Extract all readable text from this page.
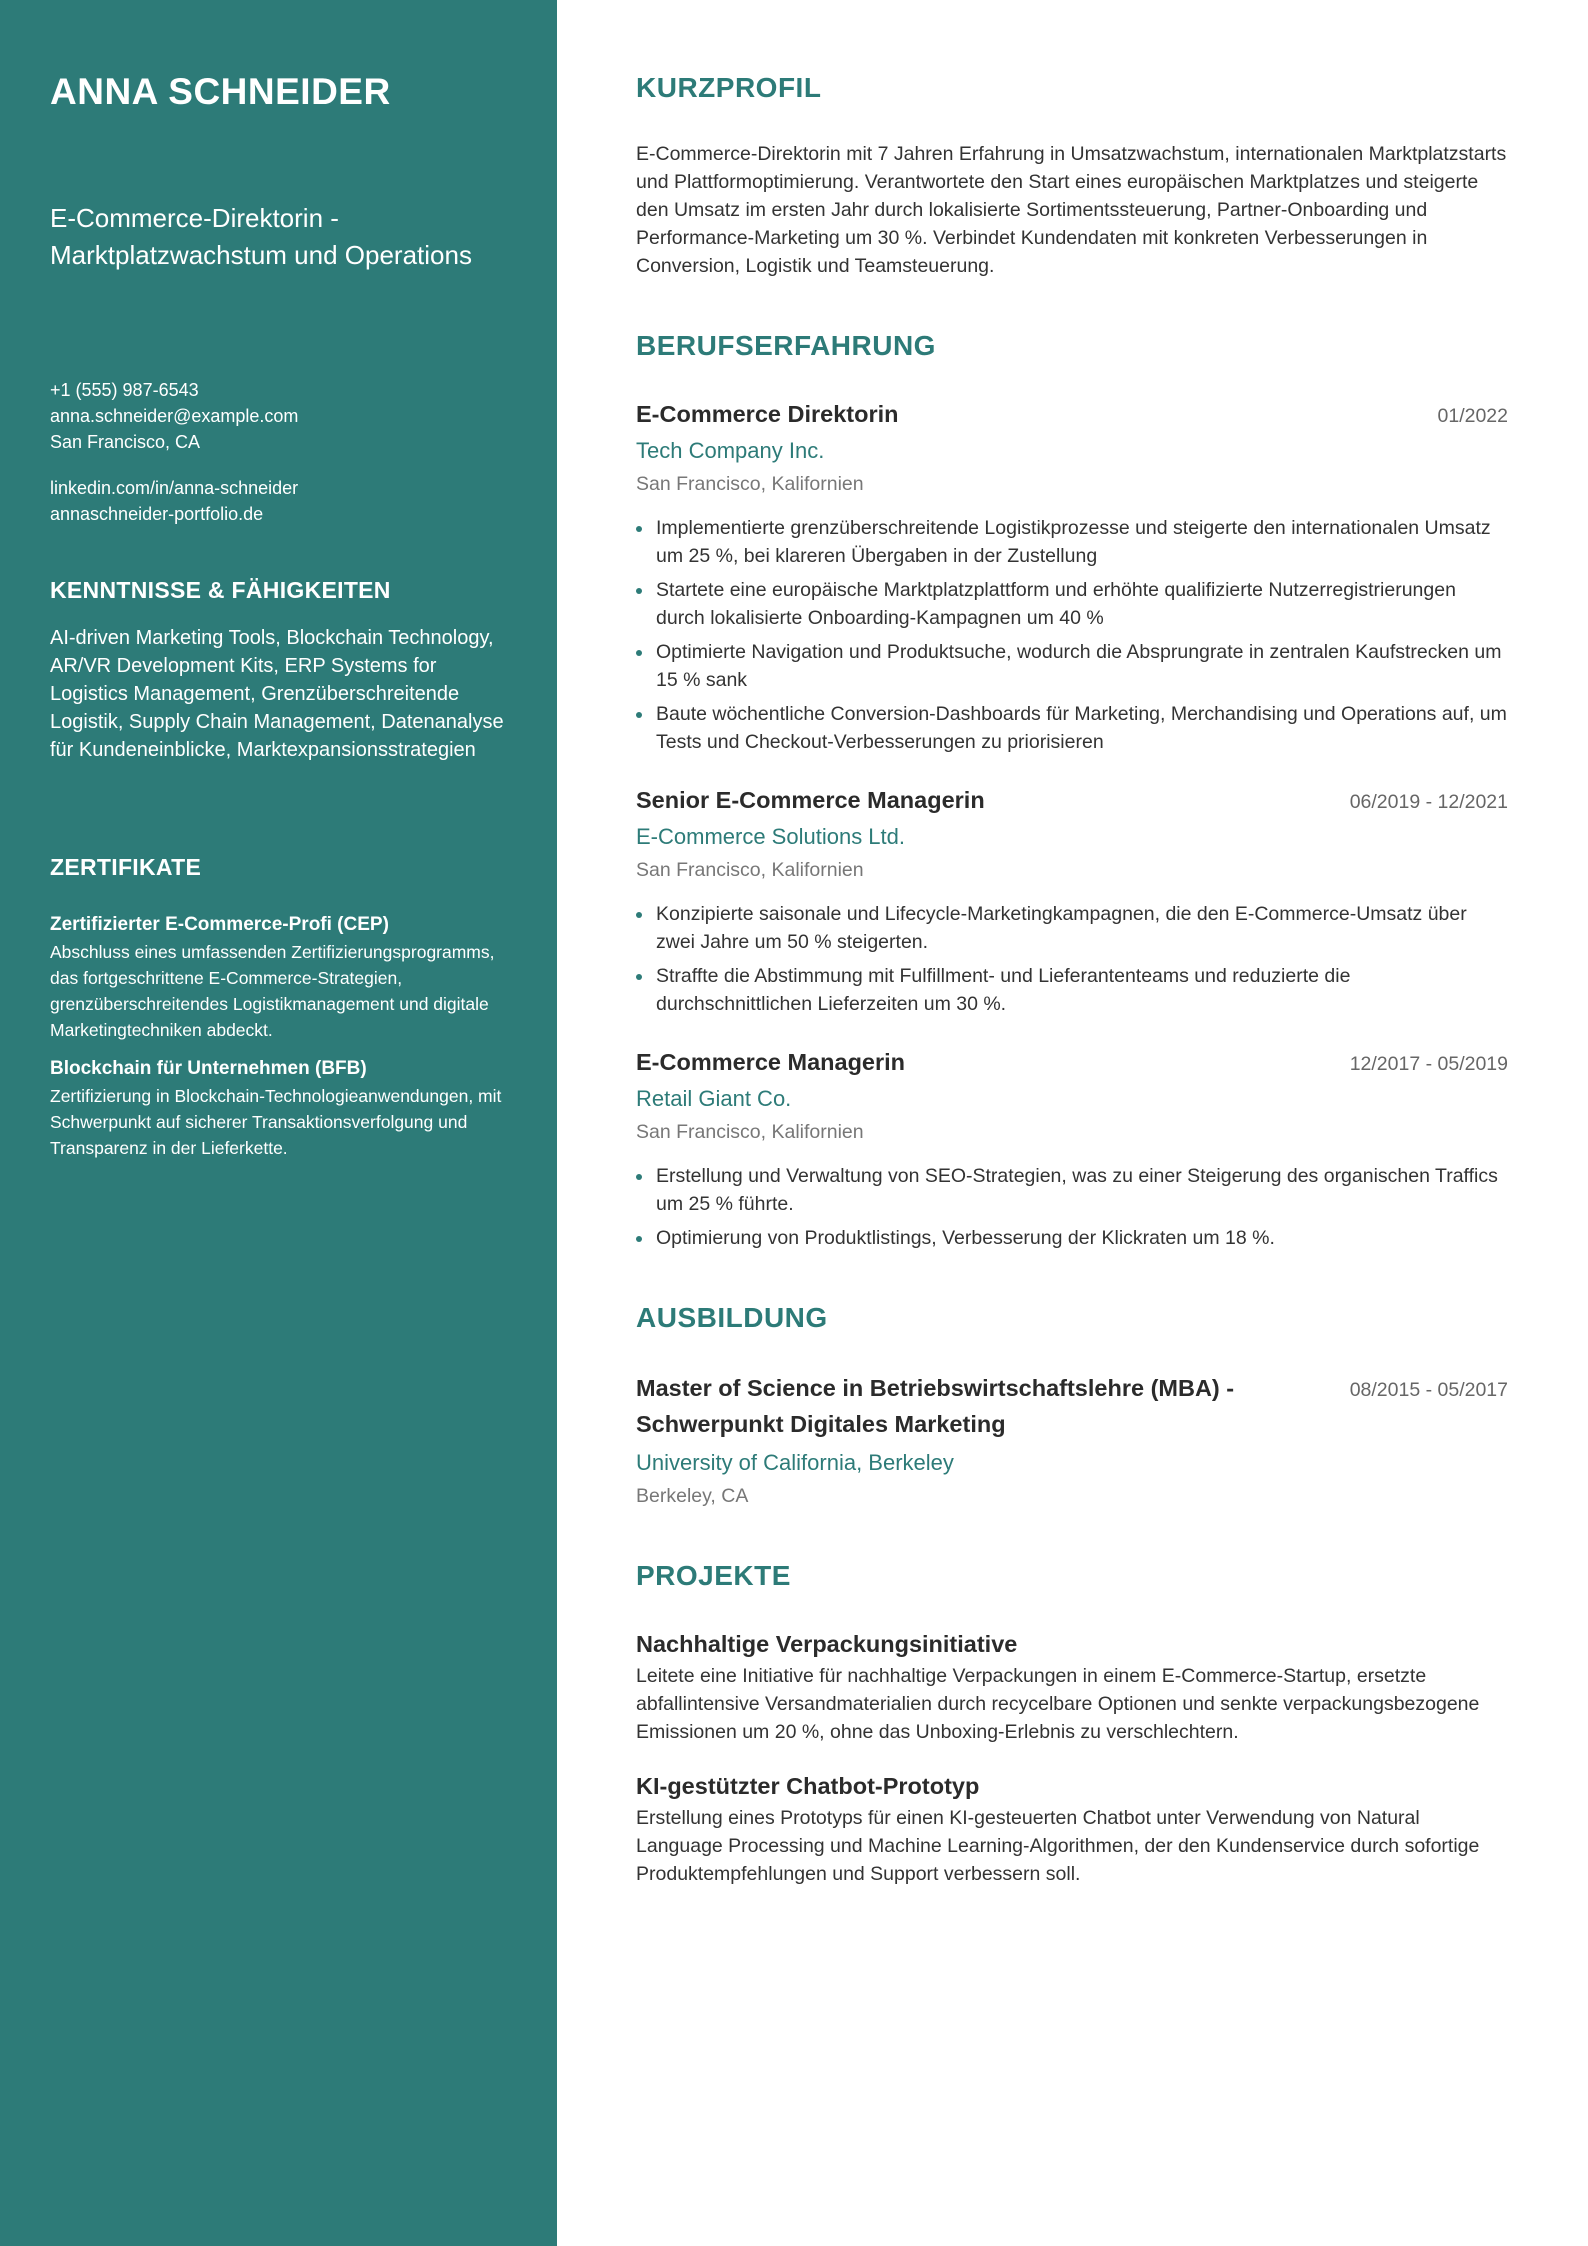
ANNA SCHNEIDER
E-Commerce-Direktorin - Marktplatzwachstum und Operations
+1 (555) 987-6543
anna.schneider@example.com
San Francisco, CA
linkedin.com/in/anna-schneider
annaschneider-portfolio.de
KENNTNISSE & FÄHIGKEITEN
AI-driven Marketing Tools, Blockchain Technology, AR/VR Development Kits, ERP Systems for Logistics Management, Grenzüberschreitende Logistik, Supply Chain Management, Datenanalyse für Kundeneinblicke, Marktexpansionsstrategien
ZERTIFIKATE
Zertifizierter E-Commerce-Profi (CEP)
Abschluss eines umfassenden Zertifizierungsprogramms, das fortgeschrittene E-Commerce-Strategien, grenzüberschreitendes Logistikmanagement und digitale Marketingtechniken abdeckt.
Blockchain für Unternehmen (BFB)
Zertifizierung in Blockchain-Technologieanwendungen, mit Schwerpunkt auf sicherer Transaktionsverfolgung und Transparenz in der Lieferkette.
KURZPROFIL
E-Commerce-Direktorin mit 7 Jahren Erfahrung in Umsatzwachstum, internationalen Marktplatzstarts und Plattformoptimierung. Verantwortete den Start eines europäischen Marktplatzes und steigerte den Umsatz im ersten Jahr durch lokalisierte Sortimentssteuerung, Partner-Onboarding und Performance-Marketing um 30 %. Verbindet Kundendaten mit konkreten Verbesserungen in Conversion, Logistik und Teamsteuerung.
BERUFSERFAHRUNG
E-Commerce Direktorin	01/2022
Tech Company Inc.
San Francisco, Kalifornien
Implementierte grenzüberschreitende Logistikprozesse und steigerte den internationalen Umsatz um 25 %, bei klareren Übergaben in der Zustellung
Startete eine europäische Marktplatzplattform und erhöhte qualifizierte Nutzerregistrierungen durch lokalisierte Onboarding-Kampagnen um 40 %
Optimierte Navigation und Produktsuche, wodurch die Absprungrate in zentralen Kaufstrecken um 15 % sank
Baute wöchentliche Conversion-Dashboards für Marketing, Merchandising und Operations auf, um Tests und Checkout-Verbesserungen zu priorisieren
Senior E-Commerce Managerin	06/2019 - 12/2021
E-Commerce Solutions Ltd.
San Francisco, Kalifornien
Konzipierte saisonale und Lifecycle-Marketingkampagnen, die den E-Commerce-Umsatz über zwei Jahre um 50 % steigerten.
Straffte die Abstimmung mit Fulfillment- und Lieferantenteams und reduzierte die durchschnittlichen Lieferzeiten um 30 %.
E-Commerce Managerin	12/2017 - 05/2019
Retail Giant Co.
San Francisco, Kalifornien
Erstellung und Verwaltung von SEO-Strategien, was zu einer Steigerung des organischen Traffics um 25 % führte.
Optimierung von Produktlistings, Verbesserung der Klickraten um 18 %.
AUSBILDUNG
Master of Science in Betriebswirtschaftslehre (MBA) - Schwerpunkt Digitales Marketing
08/2015 - 05/2017
University of California, Berkeley
Berkeley, CA
PROJEKTE
Nachhaltige Verpackungsinitiative
Leitete eine Initiative für nachhaltige Verpackungen in einem E-Commerce-Startup, ersetzte abfallintensive Versandmaterialien durch recycelbare Optionen und senkte verpackungsbezogene Emissionen um 20 %, ohne das Unboxing-Erlebnis zu verschlechtern.
KI-gestützter Chatbot-Prototyp
Erstellung eines Prototyps für einen KI-gesteuerten Chatbot unter Verwendung von Natural Language Processing und Machine Learning-Algorithmen, der den Kundenservice durch sofortige Produktempfehlungen und Support verbessern soll.
